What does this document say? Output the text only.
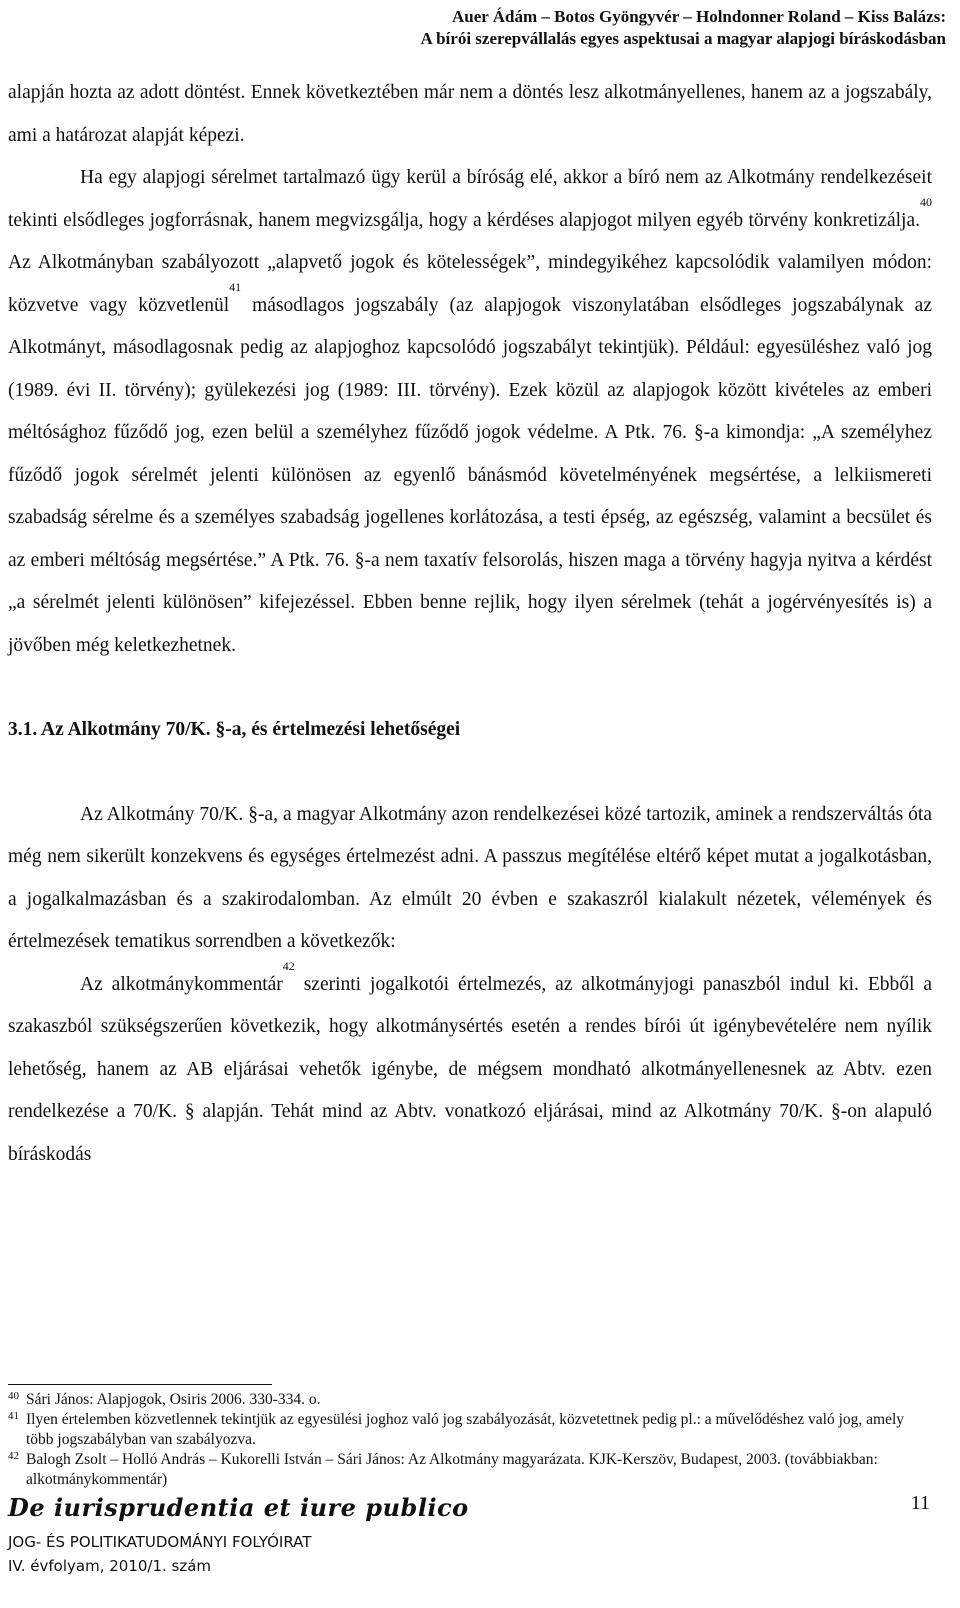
Auer Ádám – Botos Gyöngyvér – Holndonner Roland – Kiss Balázs:
A bírói szerepvállalás egyes aspektusai a magyar alapjogi bíráskodásban

alapján hozta az adott döntést. Ennek következtében már nem a döntés lesz alkotmányellenes, hanem az a jogszabály, ami a határozat alapját képezi.

Ha egy alapjogi sérelmet tartalmazó ügy kerül a bíróság elé, akkor a bíró nem az Alkotmány rendelkezéseit tekinti elsődleges jogforrásnak, hanem megvizsgálja, hogy a kérdéses alapjogot milyen egyéb törvény konkretizálja.$^{40}$ Az Alkotmányban szabályozott „alapvető jogok és kötelességek”, mindegyikéhez kapcsolódik valamilyen módon: közvetve vagy közvetlenül$^{41}$ másodlagos jogszabály (az alapjogok viszonylatában elsődleges jogszabálynak az Alkotmányt, másodlagosnak pedig az alapjoghoz kapcsolódó jogszabályt tekintjük). Például: egyesüléshez való jog (1989. évi II. törvény); gyülekezési jog (1989: III. törvény). Ezek közül az alapjogok között kivételes az emberi méltósághoz fűződő jog, ezen belül a személyhez fűződő jogok védelme. A Ptk. 76. §-a kimondja: „A személyhez fűződő jogok sérelmét jelenti különösen az egyenlő bánásmód követelményének megsértése, a lelkiismereti szabadság sérelme és a személyes szabadság jogellenes korlátozása, a testi épség, az egészség, valamint a becsület és az emberi méltóság megsértése.” A Ptk. 76. §-a nem taxatív felsorolás, hiszen maga a törvény hagyja nyitva a kérdést „a sérelmét jelenti különösen” kifejezéssel. Ebben benne rejlik, hogy ilyen sérelmek (tehát a jogérvényesítés is) a jövőben még keletkezhetnek.

3.1. Az Alkotmány 70/K. §-a, és értelmezési lehetőségei

Az Alkotmány 70/K. §-a, a magyar Alkotmány azon rendelkezései közé tartozik, aminek a rendszerváltás óta még nem sikerült konzekvens és egységes értelmezést adni. A passzus megítélése eltérő képet mutat a jogalkotásban, a jogalkalmazásban és a szakirodalomban. Az elmúlt 20 évben e szakaszról kialakult nézetek, vélemények és értelmezések tematikus sorrendben a következők:

Az alkotmánykommentár$^{42}$ szerinti jogalkotói értelmezés, az alkotmányjogi panaszból indul ki. Ebből a szakaszból szükségszerűen következik, hogy alkotmánysértés esetén a rendes bírói út igénybevételére nem nyílik lehetőség, hanem az AB eljárásai vehetők igénybe, de mégsem mondható alkotmányellenesnek az Abtv. ezen rendelkezése a 70/K. § alapján. Tehát mind az Abtv. vonatkozó eljárásai, mind az Alkotmány 70/K. §-on alapuló bíráskodás

40 Sári János: Alapjogok, Osiris 2006. 330-334. o.
41 Ilyen értelemben közvetlennek tekintjük az egyesülési joghoz való jog szabályozását, közvetettnek pedig pl.: a művelődéshez való jog, amely több jogszabályban van szabályozva.
42 Balogh Zsolt – Holló András – Kukorelli István – Sári János: Az Alkotmány magyarázata. KJK-Kerszöv, Budapest, 2003. (továbbiakban: alkotmánykommentár)
De iurisprudentia et iure publico
JOG- ÉS POLITIKATUDOMÁNYI FOLYÓIRAT
IV. évfolyam, 2010/1. szám
11
